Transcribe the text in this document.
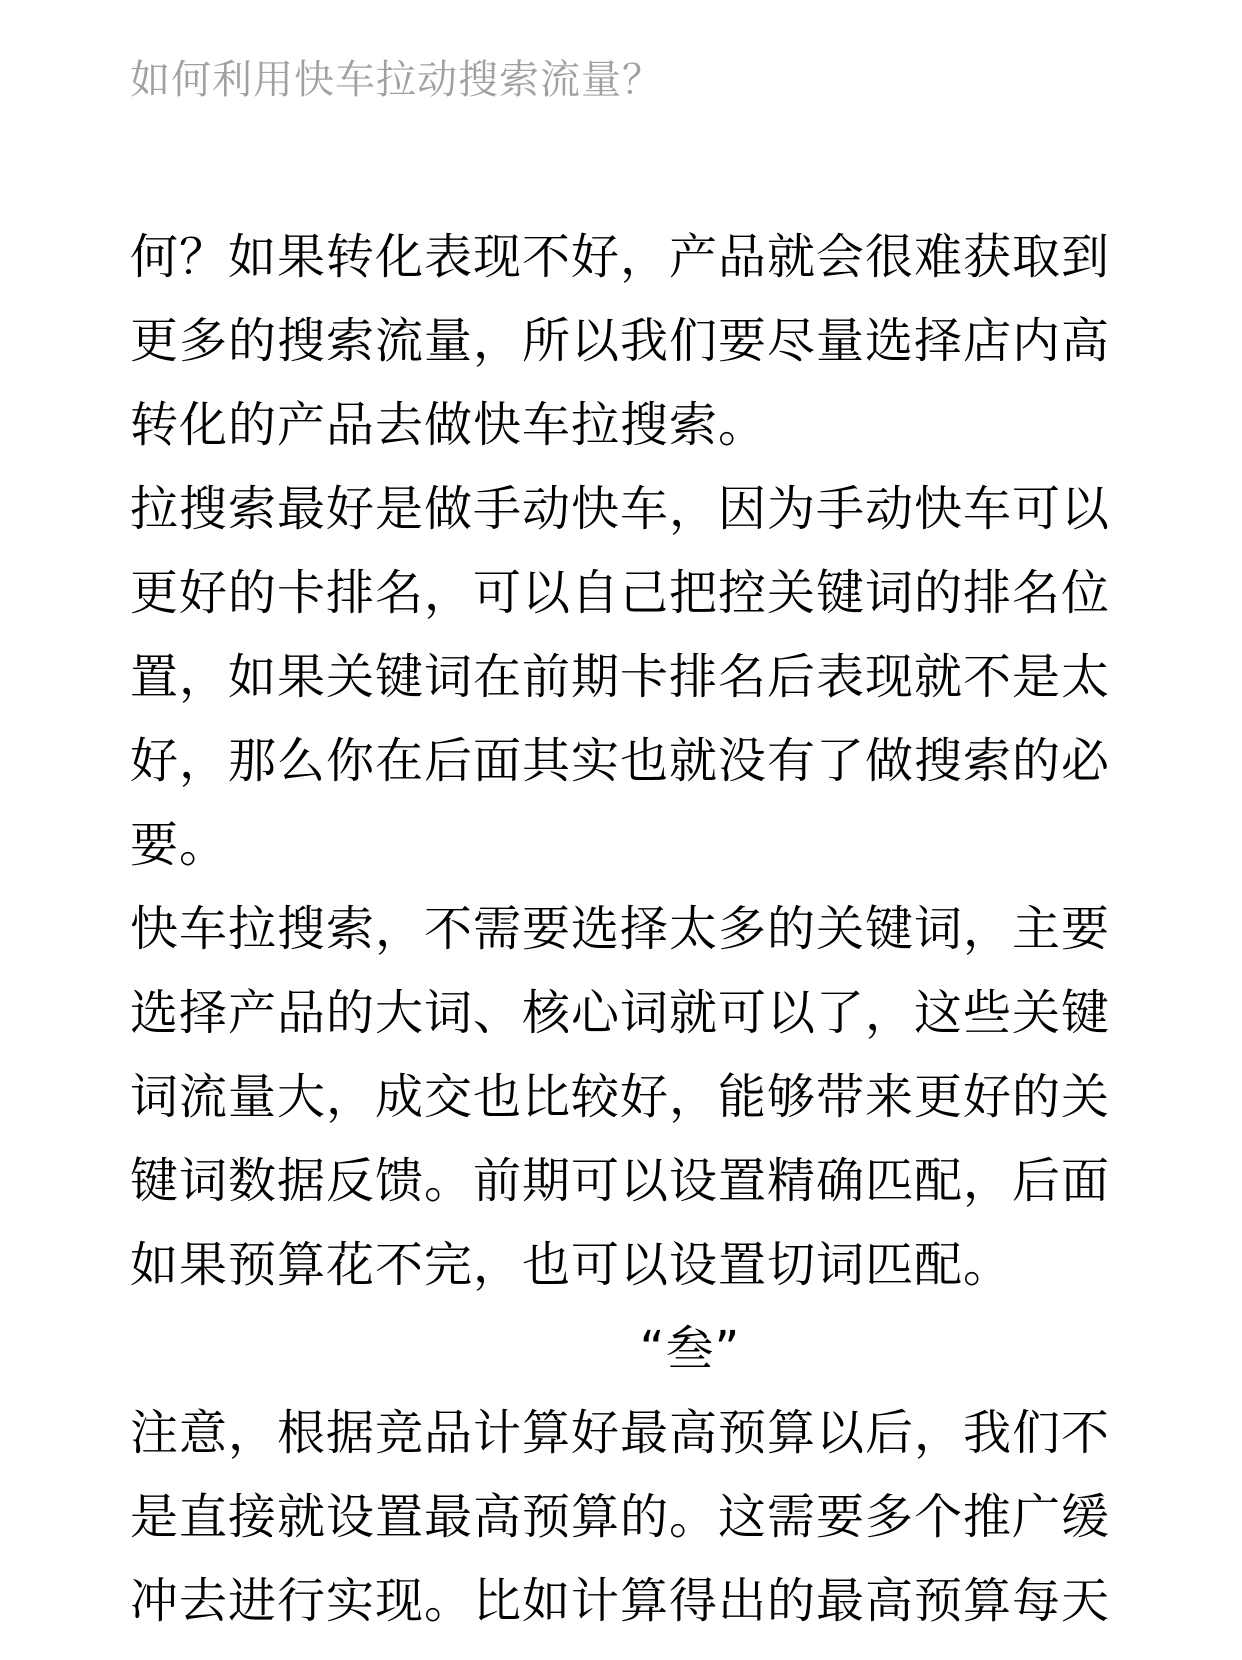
如何利用快车拉动搜索流量？

何？如果转化表现不好，产品就会很难获取到
更多的搜索流量，所以我们要尽量选择店内高
转化的产品去做快车拉搜索。

拉搜索最好是做手动快车，因为手动快车可以
更好的卡排名，可以自己把控关键词的排名位
置，如果关键词在前期卡排名后表现就不是太
好，那么你在后面其实也就没有了做搜索的必
要。

快车拉搜索，不需要选择太多的关键词，主要
选择产品的大词、核心词就可以了，这些关键
词流量大，成交也比较好，能够带来更好的关
键词数据反馈。前期可以设置精确匹配，后面
如果预算花不完，也可以设置切词匹配。

“叁”

注意，根据竞品计算好最高预算以后，我们不
是直接就设置最高预算的。这需要多个推广缓
冲去进行实现。比如计算得出的最高预算每天
